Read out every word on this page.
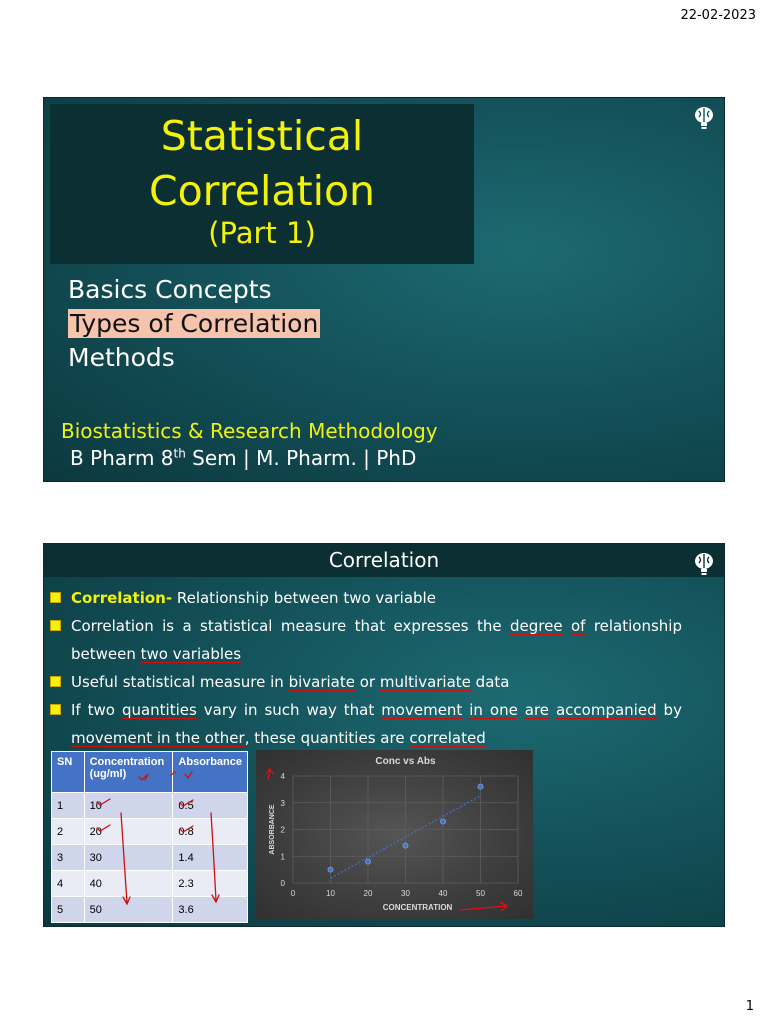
22-02-2023
Statistical
Correlation
(Part 1)
Basics Concepts
Types of Correlation
Methods
Biostatistics & Research Methodology
B Pharm 8th Sem | M. Pharm. | PhD
Correlation
Correlation- Relationship between two variable
Correlation is a statistical measure that expresses the degree of relationship between two variables
Useful statistical measure in bivariate or multivariate data
If two quantities vary in such way that movement in one are accompanied by movement in the other, these quantities are correlated
SN	Concentration (ug/ml)	Absorbance
1	10	0.5
2	20	0.8
3	30	1.4
4	40	2.3
5	50	3.6
Conc vs Abs
0
1
2
3
4
0	10	20	30	40	50	60
CONCENTRATION
ABSORBANCE
1
